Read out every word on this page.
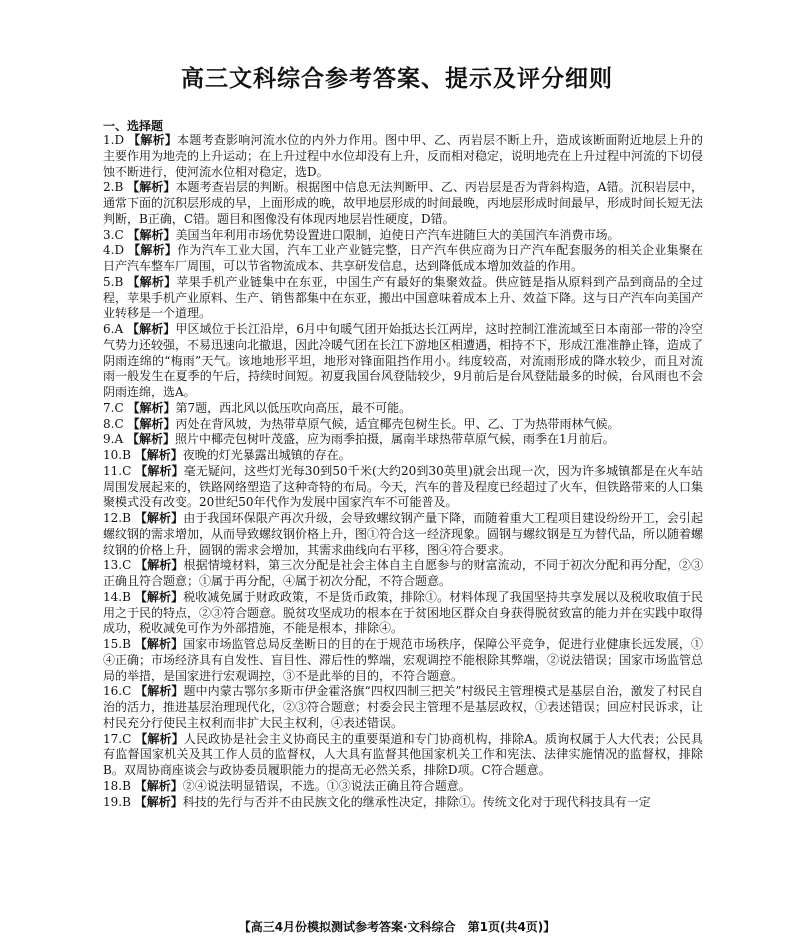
高三文科综合参考答案、提示及评分细则
一、选择题

1.D 【解析】本题考查影响河流水位的内外力作用。图中甲、乙、丙岩层不断上升，造成该断面附近地层上升的主要作用为地壳的上升运动；在上升过程中水位却没有上升，反而相对稳定，说明地壳在上升过程中河流的下切侵蚀不断进行，使河流水位相对稳定，选D。

2.B 【解析】本题考查岩层的判断。根据图中信息无法判断甲、乙、丙岩层是否为背斜构造，A错。沉积岩层中，通常下面的沉积层形成的早，上面形成的晚，故甲地层形成的时间最晚，丙地层形成时间最早，形成时间长短无法判断，B正确，C错。题目和图像没有体现丙地层岩性硬度，D错。

3.C 【解析】美国当年利用市场优势设置进口限制，迫使日产汽车进随巨大的美国汽车消费市场。

4.D 【解析】作为汽车工业大国，汽车工业产业链完整，日产汽车供应商为日产汽车配套服务的相关企业集聚在日产汽车整车厂周围，可以节省物流成本、共享研发信息，达到降低成本增加效益的作用。

5.B 【解析】苹果手机产业链集中在东亚，中国生产有最好的集聚效益。供应链是指从原料到产品到商品的全过程，苹果手机产业原料、生产、销售都集中在东亚，搬出中国意味着成本上升、效益下降。这与日产汽车向美国产业转移是一个道理。

6.A 【解析】甲区域位于长江沿岸，6月中旬暖气团开始抵达长江两岸，这时控制江淮流域至日本南部一带的冷空气势力还较强，不易迅速向北撤退，因此冷暖气团在长江下游地区相遭遇，相持不下，形成江淮准静止锋，造成了阴雨连绵的“梅雨”天气。该地地形平坦，地形对锋面阻挡作用小。纬度较高，对流雨形成的降水较少，而且对流雨一般发生在夏季的午后，持续时间短。初夏我国台风登陆较少，9月前后是台风登陆最多的时候，台风雨也不会阴雨连绵，选A。

7.C 【解析】第7题，西北风以低压吹向高压，最不可能。

8.C 【解析】丙处在背风坡，为热带草原气候，适宜椰壳包树生长。甲、乙、丁为热带雨林气候。

9.A 【解析】照片中椰壳包树叶茂盛，应为雨季拍摄，属南半球热带草原气候，雨季在1月前后。

10.B 【解析】夜晚的灯光暴露出城镇的存在。

11.C 【解析】毫无疑问，这些灯光每30到50千米(大约20到30英里)就会出现一次，因为许多城镇都是在火车站周围发展起来的，铁路网络塑造了这种奇特的布局。今天，汽车的普及程度已经超过了火车，但铁路带来的人口集聚模式没有改变。20世纪50年代作为发展中国家汽车不可能普及。

12.B 【解析】由于我国环保限产再次升级，会导致螺纹钢产量下降，而随着重大工程项目建设纷纷开工，会引起螺纹钢的需求增加，从而导致螺纹钢价格上升，图①符合这一经济现象。圆钢与螺纹钢是互为替代品，所以随着螺纹钢的价格上升，圆钢的需求会增加，其需求曲线向右平移，图④符合要求。

13.C 【解析】根据情境材料，第三次分配是社会主体自主自愿参与的财富流动，不同于初次分配和再分配，②③正确且符合题意；①属于再分配，④属于初次分配，不符合题意。

14.B 【解析】税收减免属于财政政策，不是货币政策，排除①。材料体现了我国坚持共享发展以及税收取值于民用之于民的特点，②③符合题意。脱贫攻坚成功的根本在于贫困地区群众自身获得脱贫致富的能力并在实践中取得成功，税收减免可作为外部措施，不能是根本，排除④。

15.B 【解析】国家市场监管总局反垄断日的目的在于规范市场秩序，保障公平竞争，促进行业健康长远发展，①④正确；市场经济具有自发性、盲目性、滞后性的弊端，宏观调控不能根除其弊端，②说法错误；国家市场监管总局的举措，是国家进行宏观调控，③不是此举的目的，不符合题意。

16.C 【解析】题中内蒙古鄂尔多斯市伊金霍洛旗“四权四制三把关”村级民主管理模式是基层自治，激发了村民自治的活力，推进基层治理现代化，②③符合题意；村委会民主管理不是基层政权，①表述错误；回应村民诉求，让村民充分行使民主权利而非扩大民主权利，④表述错误。

17.C 【解析】人民政协是社会主义协商民主的重要渠道和专门协商机构，排除A。质询权属于人大代表；公民具有监督国家机关及其工作人员的监督权，人大具有监督其他国家机关工作和宪法、法律实施情况的监督权，排除B。双周协商座谈会与政协委员履职能力的提高无必然关系，排除D项。C符合题意。

18.B 【解析】②④说法明显错误，不选。①③说法正确且符合题意。

19.B 【解析】科技的先行与否并不由民族文化的继承性决定，排除①。传统文化对于现代科技具有一定

【高三4月份模拟测试参考答案·文科综合　第1页(共4页)】
